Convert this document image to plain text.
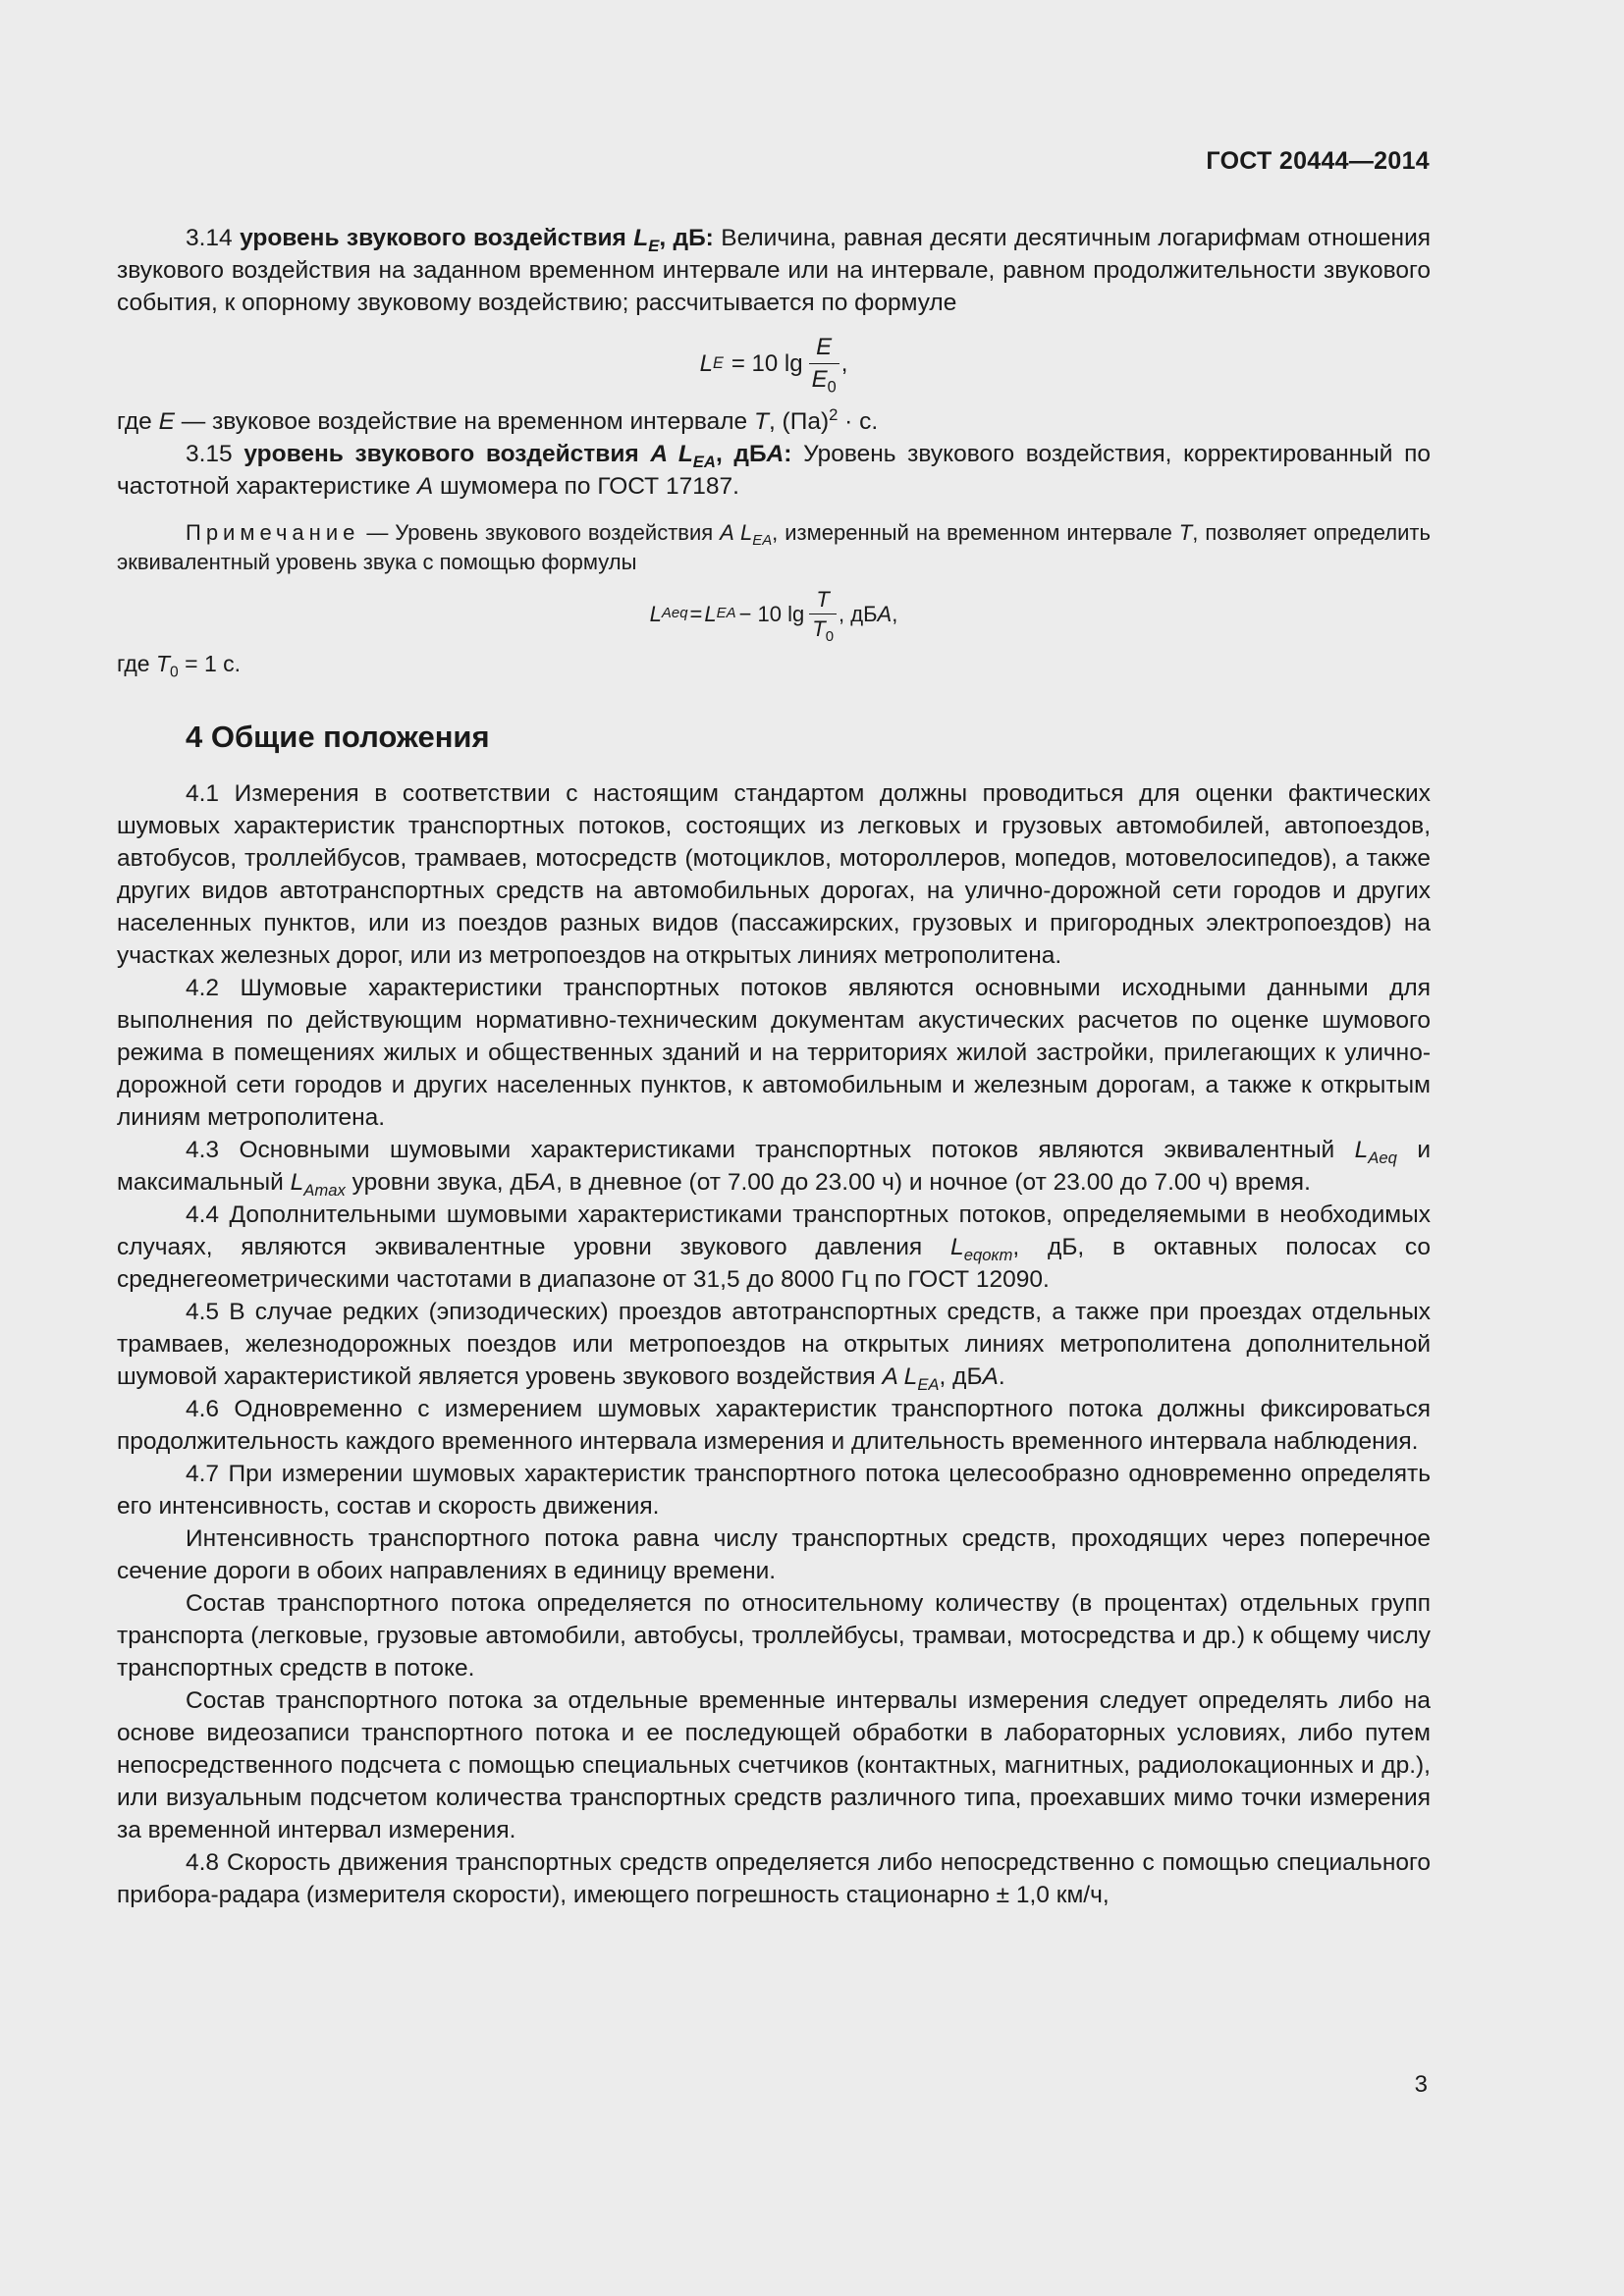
ГОСТ 20444—2014

3.14 уровень звукового воздействия $L_E$, дБ: Величина, равная десяти десятичным логарифмам отношения звукового воздействия на заданном временном интервале или на интервале, равном продолжительности звукового события, к опорному звуковому воздействию; рассчитывается по формуле

L E = 10 $\lg \frac{E}{E_0}$ ,

где E — звуковое воздействие на временном интервале T, (Па)$^2$ · с.

3.15 уровень звукового воздействия A $L_{EA}$, дБА: Уровень звукового воздействия, корректированный по частотной характеристике A шумомера по ГОСТ 17187.

Примечание — Уровень звукового воздействия A $L_{EA}$, измеренный на временном интервале T, позволяет определить эквивалентный уровень звука с помощью формулы

L Aeq = L EA − 10 $\lg \frac{T}{T_0}$ , дБ A ,

где $T_0 = 1$ с.

4 Общие положения

4.1 Измерения в соответствии с настоящим стандартом должны проводиться для оценки фактических шумовых характеристик транспортных потоков, состоящих из легковых и грузовых автомобилей, автопоездов, автобусов, троллейбусов, трамваев, мотосредств (мотоциклов, мотороллеров, мопедов, мотовелосипедов), а также других видов автотранспортных средств на автомобильных дорогах, на улично-дорожной сети городов и других населенных пунктов, или из поездов разных видов (пассажирских, грузовых и пригородных электропоездов) на участках железных дорог, или из метропоездов на открытых линиях метрополитена.

4.2 Шумовые характеристики транспортных потоков являются основными исходными данными для выполнения по действующим нормативно-техническим документам акустических расчетов по оценке шумового режима в помещениях жилых и общественных зданий и на территориях жилой застройки, прилегающих к улично-дорожной сети городов и других населенных пунктов, к автомобильным и железным дорогам, а также к открытым линиям метрополитена.

4.3 Основными шумовыми характеристиками транспортных потоков являются эквивалентный $L_{Aeq}$ и максимальный $L_{Amax}$ уровни звука, дБА, в дневное (от 7.00 до 23.00 ч) и ночное (от 23.00 до 7.00 ч) время.

4.4 Дополнительными шумовыми характеристиками транспортных потоков, определяемыми в необходимых случаях, являются эквивалентные уровни звукового давления $L_{eqокт}$, дБ, в октавных полосах со среднегеометрическими частотами в диапазоне от 31,5 до 8000 Гц по ГОСТ 12090.

4.5 В случае редких (эпизодических) проездов автотранспортных средств, а также при проездах отдельных трамваев, железнодорожных поездов или метропоездов на открытых линиях метрополитена дополнительной шумовой характеристикой является уровень звукового воздействия A $L_{EA}$, дБA.

4.6 Одновременно с измерением шумовых характеристик транспортного потока должны фиксироваться продолжительность каждого временного интервала измерения и длительность временного интервала наблюдения.

4.7 При измерении шумовых характеристик транспортного потока целесообразно одновременно определять его интенсивность, состав и скорость движения.

Интенсивность транспортного потока равна числу транспортных средств, проходящих через поперечное сечение дороги в обоих направлениях в единицу времени.

Состав транспортного потока определяется по относительному количеству (в процентах) отдельных групп транспорта (легковые, грузовые автомобили, автобусы, троллейбусы, трамваи, мотосредства и др.) к общему числу транспортных средств в потоке.

Состав транспортного потока за отдельные временные интервалы измерения следует определять либо на основе видеозаписи транспортного потока и ее последующей обработки в лабораторных условиях, либо путем непосредственного подсчета с помощью специальных счетчиков (контактных, магнитных, радиолокационных и др.), или визуальным подсчетом количества транспортных средств различного типа, проехавших мимо точки измерения за временной интервал измерения.

4.8 Скорость движения транспортных средств определяется либо непосредственно с помощью специального прибора-радара (измерителя скорости), имеющего погрешность стационарно ± 1,0 км/ч,

3
